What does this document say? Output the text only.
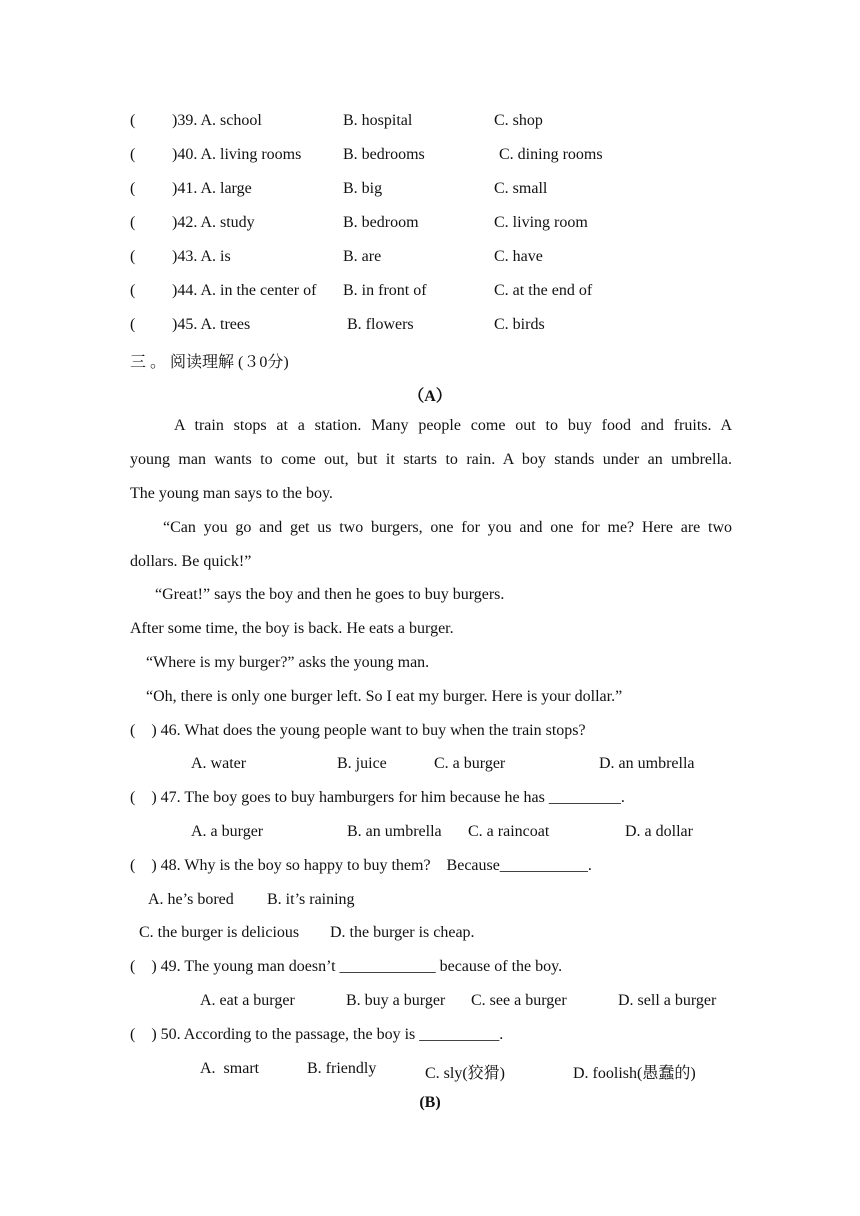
( )39. A. school	B. hospital	C. shop
( )40. A. living rooms	B. bedrooms	C. dining rooms
( )41. A. large	B. big	C. small
( )42. A. study	B. bedroom	C. living room
( )43. A. is	B. are	C. have
( )44. A. in the center of B. in front of	C. at the end of
( )45. A. trees	B. flowers	C. birds
三 。 阅读理解 (３0分)
（A）
A train stops at a station. Many people come out to buy food and fruits. A
young man wants to come out, but it starts to rain. A boy stands under an umbrella.
The young man says to the boy.
“Can you go and get us two burgers, one for you and one for me? Here are two
dollars. Be quick!”
“Great!” says the boy and then he goes to buy burgers.
After some time, the boy is back. He eats a burger.
“Where is my burger?” asks the young man.
“Oh, there is only one burger left. So I eat my burger. Here is your dollar.”
(    ) 46. What does the young people want to buy when the train stops?
A. water	B. juice	C. a burger	D. an umbrella
(    ) 47. The boy goes to buy hamburgers for him because he has _________.
A. a burger	B. an umbrella C. a raincoat	D. a dollar
(    ) 48. Why is the boy so happy to buy them?    Because___________.
A. he’s bored B. it’s raining
C. the burger is delicious D. the burger is cheap.
(    ) 49. The young man doesn’t ____________ because of the boy.
A. eat a burger	B. buy a burger C. see a burger	D. sell a burger
(    ) 50. According to the passage, the boy is __________.
A.  smart	B. friendly	C. sly(狡猾)	D. foolish(愚蠢的)
(B)
